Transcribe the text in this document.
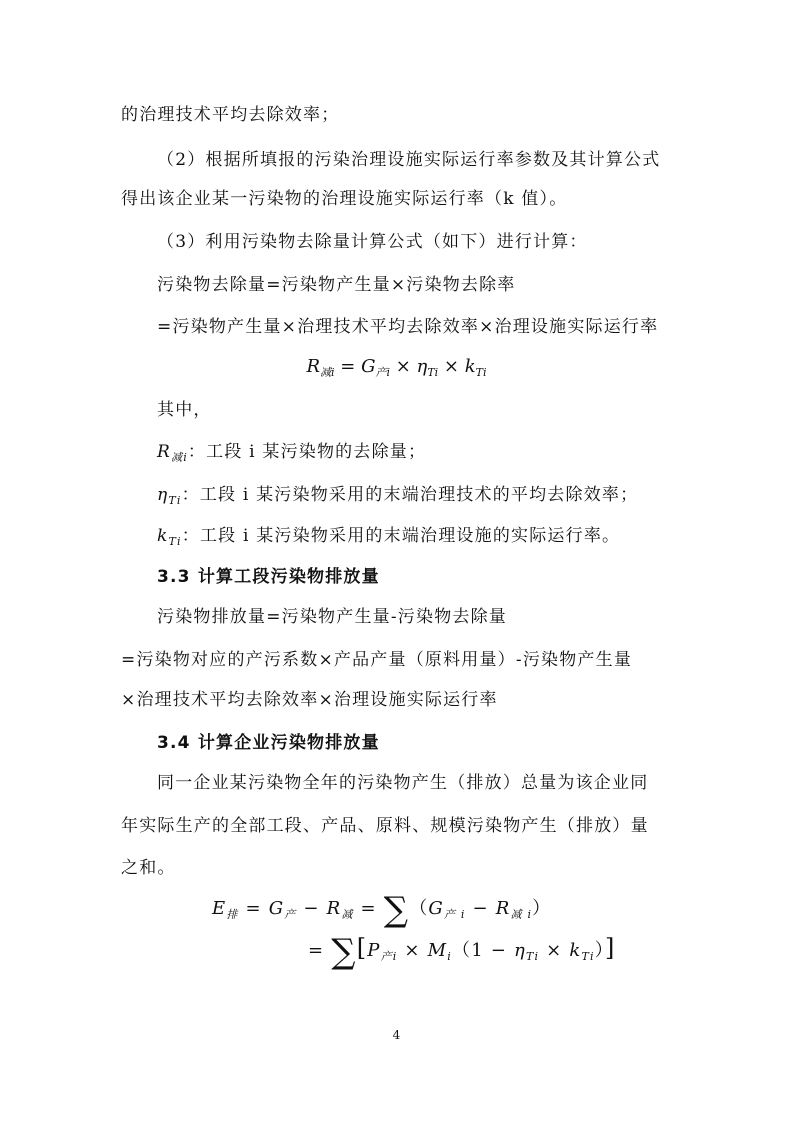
的治理技术平均去除效率；
（2）根据所填报的污染治理设施实际运行率参数及其计算公式
得出该企业某一污染物的治理设施实际运行率（k 值）。
（3）利用污染物去除量计算公式（如下）进行计算：
污染物去除量=污染物产生量×污染物去除率
=污染物产生量×治理技术平均去除效率×治理设施实际运行率
$R_{减i} = G_{产i} \times \eta_{Ti} \times k_{Ti}$
其中，
$R_{减i}$：工段 i 某污染物的去除量；
$\eta_{Ti}$：工段 i 某污染物采用的末端治理技术的平均去除效率；
$k_{Ti}$：工段 i 某污染物采用的末端治理设施的实际运行率。
3.3 计算工段污染物排放量
污染物排放量=污染物产生量-污染物去除量
=污染物对应的产污系数×产品产量（原料用量）-污染物产生量
×治理技术平均去除效率×治理设施实际运行率
3.4 计算企业污染物排放量
同一企业某污染物全年的污染物产生（排放）总量为该企业同
年实际生产的全部工段、产品、原料、规模污染物产生（排放）量
之和。
$E_排 = G_产 - R_减 = \sum(G_{产 i} - R_{减 i})$
= $\sum[P_{产i} \times M_i(1 - \eta_{Ti} \times k_{Ti})]$
4
